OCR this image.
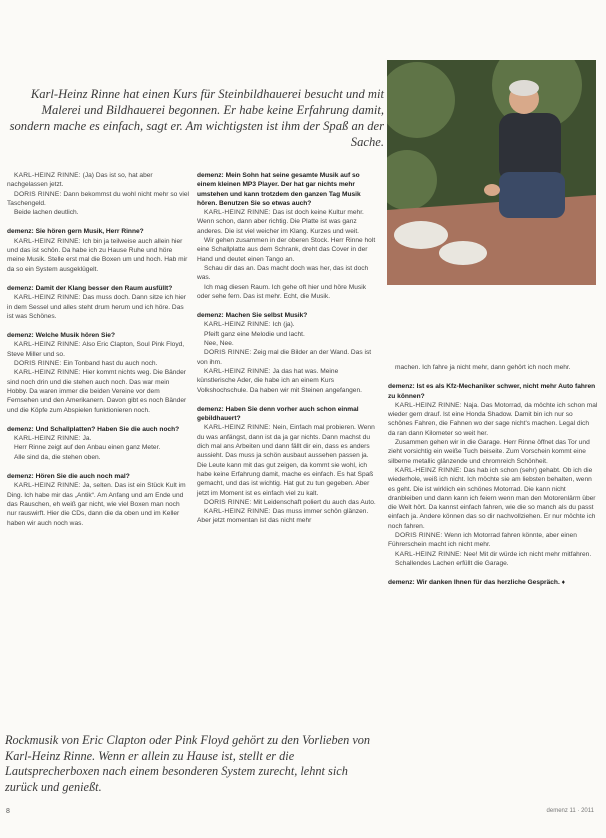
Karl-Heinz Rinne hat einen Kurs für Steinbildhauerei besucht und mit Malerei und Bildhauerei begonnen. Er habe keine Erfahrung damit, sondern mache es einfach, sagt er. Am wichtigsten ist ihm der Spaß an der Sache.

KARL-HEINZ RINNE: (Ja) Das ist so, hat aber nachgelassen jetzt.

DORIS RINNE: Dann bekommst du wohl nicht mehr so viel Taschengeld.

Beide lachen deutlich.

demenz: Sie hören gern Musik, Herr Rinne?

KARL-HEINZ RINNE: Ich bin ja teilweise auch allein hier und das ist schön. Da habe ich zu Hause Ruhe und höre meine Musik. Stelle erst mal die Boxen um und hoch. Hab mir da so ein System ausgeklügelt.

demenz: Damit der Klang besser den Raum ausfüllt?

KARL-HEINZ RINNE: Das muss doch. Dann sitze ich hier in dem Sessel und alles steht drum herum und ich höre. Das ist was Schönes.

demenz: Welche Musik hören Sie?

KARL-HEINZ RINNE: Also Eric Clapton, Soul Pink Floyd, Steve Miller und so.

DORIS RINNE: Ein Tonband hast du auch noch.

KARL-HEINZ RINNE: Hier kommt nichts weg. Die Bänder sind noch drin und die stehen auch noch. Das war mein Hobby. Da waren immer die beiden Vereine vor dem Fernsehen und den Amerikanern. Davon gibt es noch Bänder und die Köpfe zum Abspielen funktionieren noch.

demenz: Und Schallplatten? Haben Sie die auch noch?

KARL-HEINZ RINNE: Ja.

Herr Rinne zeigt auf den Anbau einen ganz Meter.

Alle sind da, die stehen oben.

demenz: Hören Sie die auch noch mal?

KARL-HEINZ RINNE: Ja, selten. Das ist ein Stück Kult im Ding. Ich habe mir das „Antik“. Am Anfang und am Ende und das Rauschen, eh weiß gar nicht, wie viel Boxen man noch nur rauswirft. Hier die CDs, dann die da oben und im Keller haben wir auch noch was.

demenz: Mein Sohn hat seine gesamte Musik auf so einem kleinen MP3 Player. Der hat gar nichts mehr umstehen und kann trotzdem den ganzen Tag Musik hören. Benutzen Sie so etwas auch?

KARL-HEINZ RINNE: Das ist doch keine Kultur mehr. Wenn schon, dann aber richtig. Die Platte ist was ganz anderes. Die ist viel weicher im Klang. Kurzes und weit.

Wir gehen zusammen in der oberen Stock. Herr Rinne holt eine Schallplatte aus dem Schrank, dreht das Cover in der Hand und deutet einen Tango an.

Schau dir das an. Das macht doch was her, das ist doch was.

Ich mag diesen Raum. Ich gehe oft hier und höre Musik oder sehe fern. Das ist mehr. Echt, die Musik.

demenz: Machen Sie selbst Musik?

KARL-HEINZ RINNE: Ich (ja).

Pfeift ganz eine Melodie und lacht.

Nee, Nee.

DORIS RINNE: Zeig mal die Bilder an der Wand. Das ist von ihm.

KARL-HEINZ RINNE: Ja das hat was. Meine künstlerische Ader, die habe ich an einem Kurs Volkshochschule. Da haben wir mit Steinen angefangen.

demenz: Haben Sie denn vorher auch schon einmal gebildhauert?

KARL-HEINZ RINNE: Nein, Einfach mal probieren. Wenn du was anfängst, dann ist da ja gar nichts. Dann machst du dich mal ans Arbeiten und dann fällt dir ein, dass es anders aussieht. Das muss ja schön ausbaut aussehen passen ja. Die Leute kann mit das gut zeigen, da kommt sie wohl, ich habe keine Erfahrung damit, mache es einfach. Es hat Spaß gemacht, und das ist wichtig. Hat gut zu tun gegeben. Aber jetzt im Moment ist es einfach viel zu kalt.

DORIS RINNE: Mit Leidenschaft poliert du auch das Auto.

KARL-HEINZ RINNE: Das muss immer schön glänzen. Aber jetzt momentan ist das nicht mehr

machen. Ich fahre ja nicht mehr, dann gehört ich noch mehr.

demenz: Ist es als Kfz-Mechaniker schwer, nicht mehr Auto fahren zu können?

KARL-HEINZ RINNE: Naja. Das Motorrad, da möchte ich schon mal wieder gern drauf. Ist eine Honda Shadow. Damit bin ich nur so schönes Fahren, die Fahnen wo der sage nicht's machen. Legal dich da ran dann Kilometer so weit her.

Zusammen gehen wir in die Garage. Herr Rinne öffnet das Tor und zieht vorsichtig ein weiße Tuch beiseite. Zum Vorschein kommt eine silberne metallic glänzende und chromreich Schönheit.

KARL-HEINZ RINNE: Das hab ich schon (sehr) gehabt. Ob ich die wiederhole, weiß ich nicht. Ich möchte sie am liebsten behalten, wenn es geht. Die ist wirklich ein schönes Motorrad. Die kann nicht dranbleiben und dann kann ich feiern wenn man den Motorenlärm über die Welt hört. Da kannst einfach fahren, wie die so manch als du passt einfach ja. Andere können das so dir nachvollziehen. Er nur möchte ich noch fahren.

DORIS RINNE: Wenn ich Motorrad fahren könnte, aber einen Führerschein macht ich nicht mehr.

KARL-HEINZ RINNE: Nee! Mit dir würde ich nicht mehr mitfahren.

Schallendes Lachen erfüllt die Garage.

demenz: Wir danken Ihnen für das herzliche Gespräch. ♦

Rockmusik von Eric Clapton oder Pink Floyd gehört zu den Vorlieben von Karl-Heinz Rinne. Wenn er allein zu Hause ist, stellt er die Lautsprecherboxen nach einem besonderen System zurecht, lehnt sich zurück und genießt.
8	demenz 11 · 2011
